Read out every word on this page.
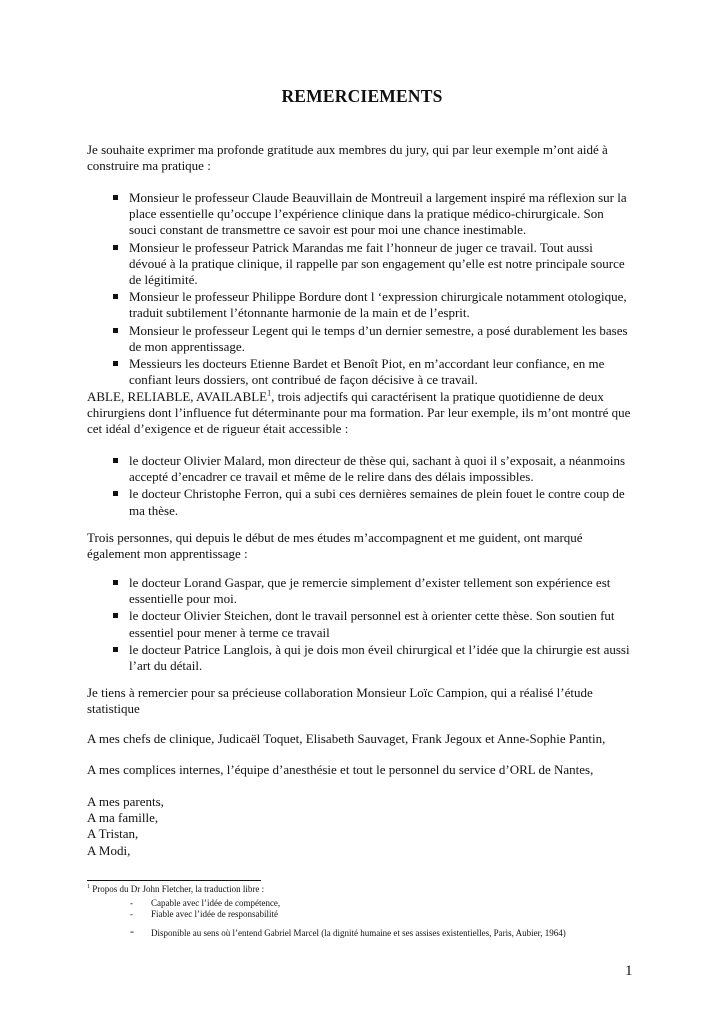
REMERCIEMENTS
Je souhaite exprimer ma profonde gratitude aux membres du jury, qui par leur exemple m’ont aidé à construire ma pratique :
Monsieur le professeur Claude Beauvillain de Montreuil a largement inspiré ma réflexion sur la place essentielle qu’occupe l’expérience clinique dans la pratique médico-chirurgicale. Son souci constant de transmettre ce savoir est pour moi une chance inestimable.
Monsieur le professeur Patrick Marandas me fait l’honneur de juger ce travail. Tout aussi dévoué à la pratique clinique, il rappelle par son engagement qu’elle est notre principale source de légitimité.
Monsieur le professeur Philippe Bordure dont l ‘expression chirurgicale notamment otologique, traduit subtilement l’étonnante harmonie de la main et de l’esprit.
Monsieur le professeur Legent qui le temps d’un dernier semestre, a posé durablement les bases de mon apprentissage.
Messieurs les docteurs Etienne Bardet et Benoît Piot, en m’accordant leur confiance, en me confiant leurs dossiers, ont contribué de façon décisive à ce travail.
ABLE, RELIABLE, AVAILABLE$^1$, trois adjectifs qui caractérisent la pratique quotidienne de deux chirurgiens dont l’influence fut déterminante pour ma formation. Par leur exemple, ils m’ont montré que cet idéal d’exigence et de rigueur était accessible :
le docteur Olivier Malard, mon directeur de thèse qui, sachant à quoi il s’exposait, a néanmoins accepté d’encadrer ce travail et même de le relire dans des délais impossibles.
le docteur Christophe Ferron, qui a subi ces dernières semaines de plein fouet le contre coup de ma thèse.
Trois personnes, qui depuis le début de mes études m’accompagnent et me guident, ont marqué également mon apprentissage :
le docteur Lorand Gaspar, que je remercie simplement d’exister tellement son expérience est essentielle pour moi.
le docteur Olivier Steichen, dont le travail personnel est à orienter cette thèse. Son soutien fut essentiel pour mener à terme ce travail
le docteur Patrice Langlois, à qui je dois mon éveil chirurgical et l’idée que la chirurgie est aussi l’art du détail.
Je tiens à remercier pour sa précieuse collaboration Monsieur Loïc Campion, qui a réalisé l’étude statistique
A mes chefs de clinique, Judicaël Toquet, Elisabeth Sauvaget, Frank Jegoux et Anne-Sophie Pantin,
A mes complices internes, l’équipe d’anesthésie et tout le personnel du service d’ORL de Nantes,
A mes parents,
A ma famille,
A Tristan,
A Modi,
$^1$ Propos du Dr John Fletcher, la traduction libre :
- Capable avec l’idée de compétence,
- Fiable avec l’idée de responsabilité
- Disponible au sens où l’entend Gabriel Marcel (la dignité humaine et ses assises existentielles, Paris, Aubier, 1964)
1
